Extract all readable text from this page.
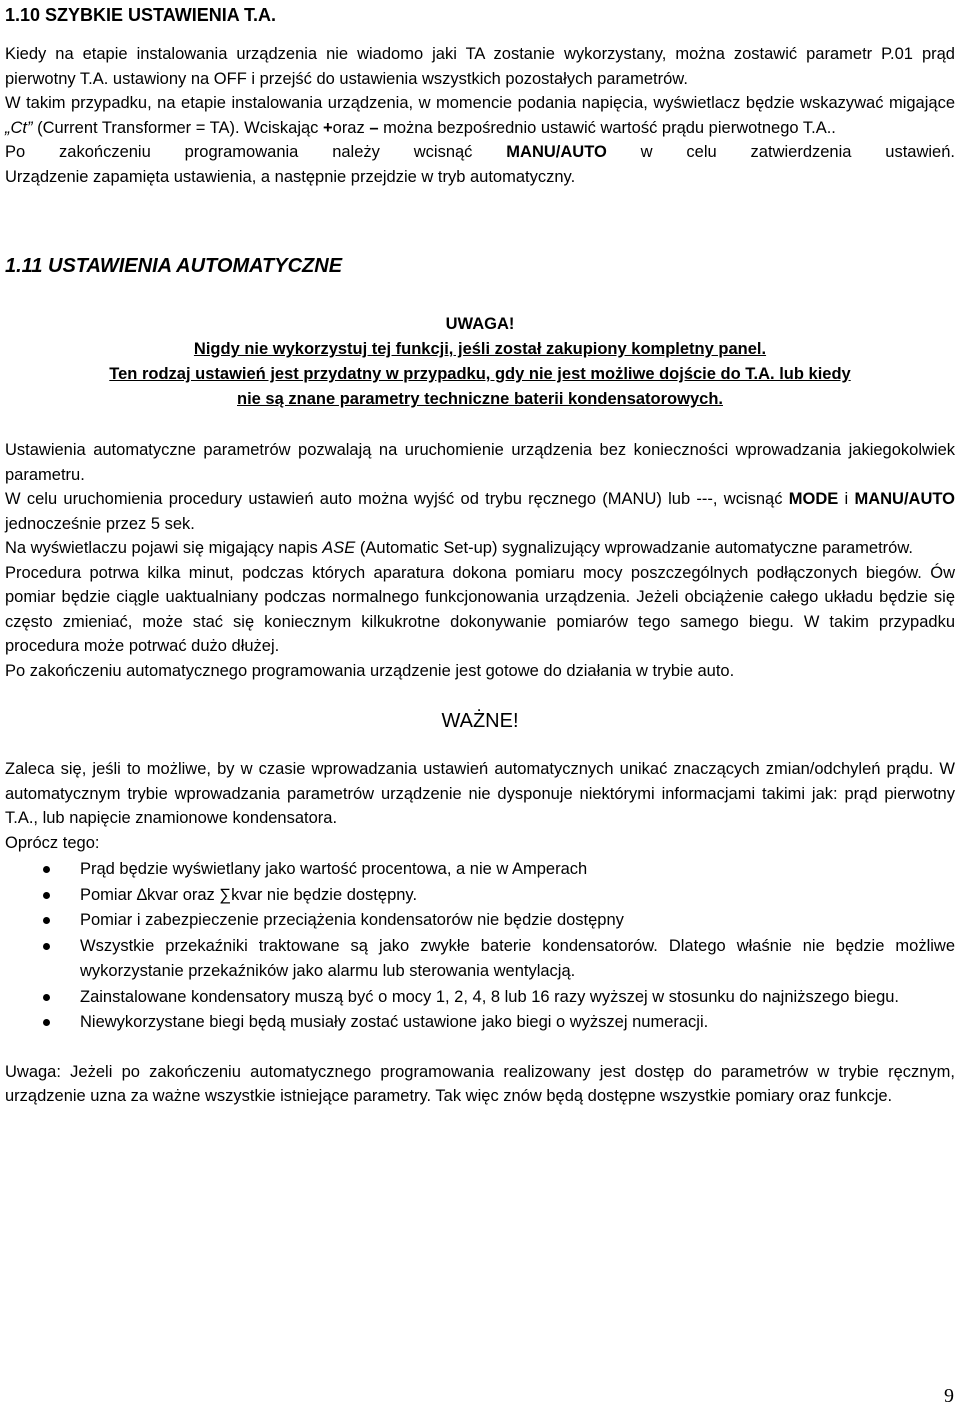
1.10 SZYBKIE USTAWIENIA T.A.

Kiedy na etapie instalowania urządzenia nie wiadomo jaki TA zostanie wykorzystany, można zostawić parametr P.01 prąd pierwotny T.A. ustawiony na OFF i przejść do ustawienia wszystkich pozostałych parametrów.

W takim przypadku, na etapie instalowania urządzenia, w momencie podania napięcia, wyświetlacz będzie wskazywać migające „Ct” (Current Transformer = TA). Wciskając +oraz – można bezpośrednio ustawić wartość prądu pierwotnego T.A..

Po zakończeniu programowania należy wcisnąć MANU/AUTO w celu zatwierdzenia ustawień.

Urządzenie zapamięta ustawienia, a następnie przejdzie w tryb automatyczny.

1.11 USTAWIENIA AUTOMATYCZNE

UWAGA!

Nigdy nie wykorzystuj tej funkcji, jeśli został zakupiony kompletny panel.

Ten rodzaj ustawień jest przydatny w przypadku, gdy nie jest możliwe dojście do T.A. lub kiedy

nie są znane parametry techniczne baterii kondensatorowych.

Ustawienia automatyczne parametrów pozwalają na uruchomienie urządzenia bez konieczności wprowadzania jakiegokolwiek parametru.

W celu uruchomienia procedury ustawień auto można wyjść od trybu ręcznego (MANU) lub ---, wcisnąć MODE i MANU/AUTO jednocześnie przez 5 sek.

Na wyświetlaczu pojawi się migający napis ASE (Automatic Set-up) sygnalizujący wprowadzanie automatyczne parametrów.

Procedura potrwa kilka minut, podczas których aparatura dokona pomiaru mocy poszczególnych podłączonych biegów. Ów pomiar będzie ciągle uaktualniany podczas normalnego funkcjonowania urządzenia. Jeżeli obciążenie całego układu będzie się często zmieniać, może stać się koniecznym kilkukrotne dokonywanie pomiarów tego samego biegu. W takim przypadku procedura może potrwać dużo dłużej.

Po zakończeniu automatycznego programowania urządzenie jest gotowe do działania w trybie auto.

WAŻNE!

Zaleca się, jeśli to możliwe, by w czasie wprowadzania ustawień automatycznych unikać znaczących zmian/odchyleń prądu. W automatycznym trybie wprowadzania parametrów urządzenie nie dysponuje niektórymi informacjami takimi jak: prąd pierwotny T.A., lub napięcie znamionowe kondensatora.

Oprócz tego:

Prąd będzie wyświetlany jako wartość procentowa, a nie w Amperach
Pomiar ∆kvar oraz ∑kvar nie będzie dostępny.
Pomiar i zabezpieczenie przeciążenia kondensatorów nie będzie dostępny
Wszystkie przekaźniki traktowane są jako zwykłe baterie kondensatorów. Dlatego właśnie nie będzie możliwe wykorzystanie przekaźników jako alarmu lub sterowania wentylacją.
Zainstalowane kondensatory muszą być o mocy 1, 2, 4, 8 lub 16 razy wyższej w stosunku do najniższego biegu.
Niewykorzystane biegi będą musiały zostać ustawione jako biegi o wyższej numeracji.

Uwaga: Jeżeli po zakończeniu automatycznego programowania realizowany jest dostęp do parametrów w trybie ręcznym, urządzenie uzna za ważne wszystkie istniejące parametry. Tak więc znów będą dostępne wszystkie pomiary oraz funkcje.

9
